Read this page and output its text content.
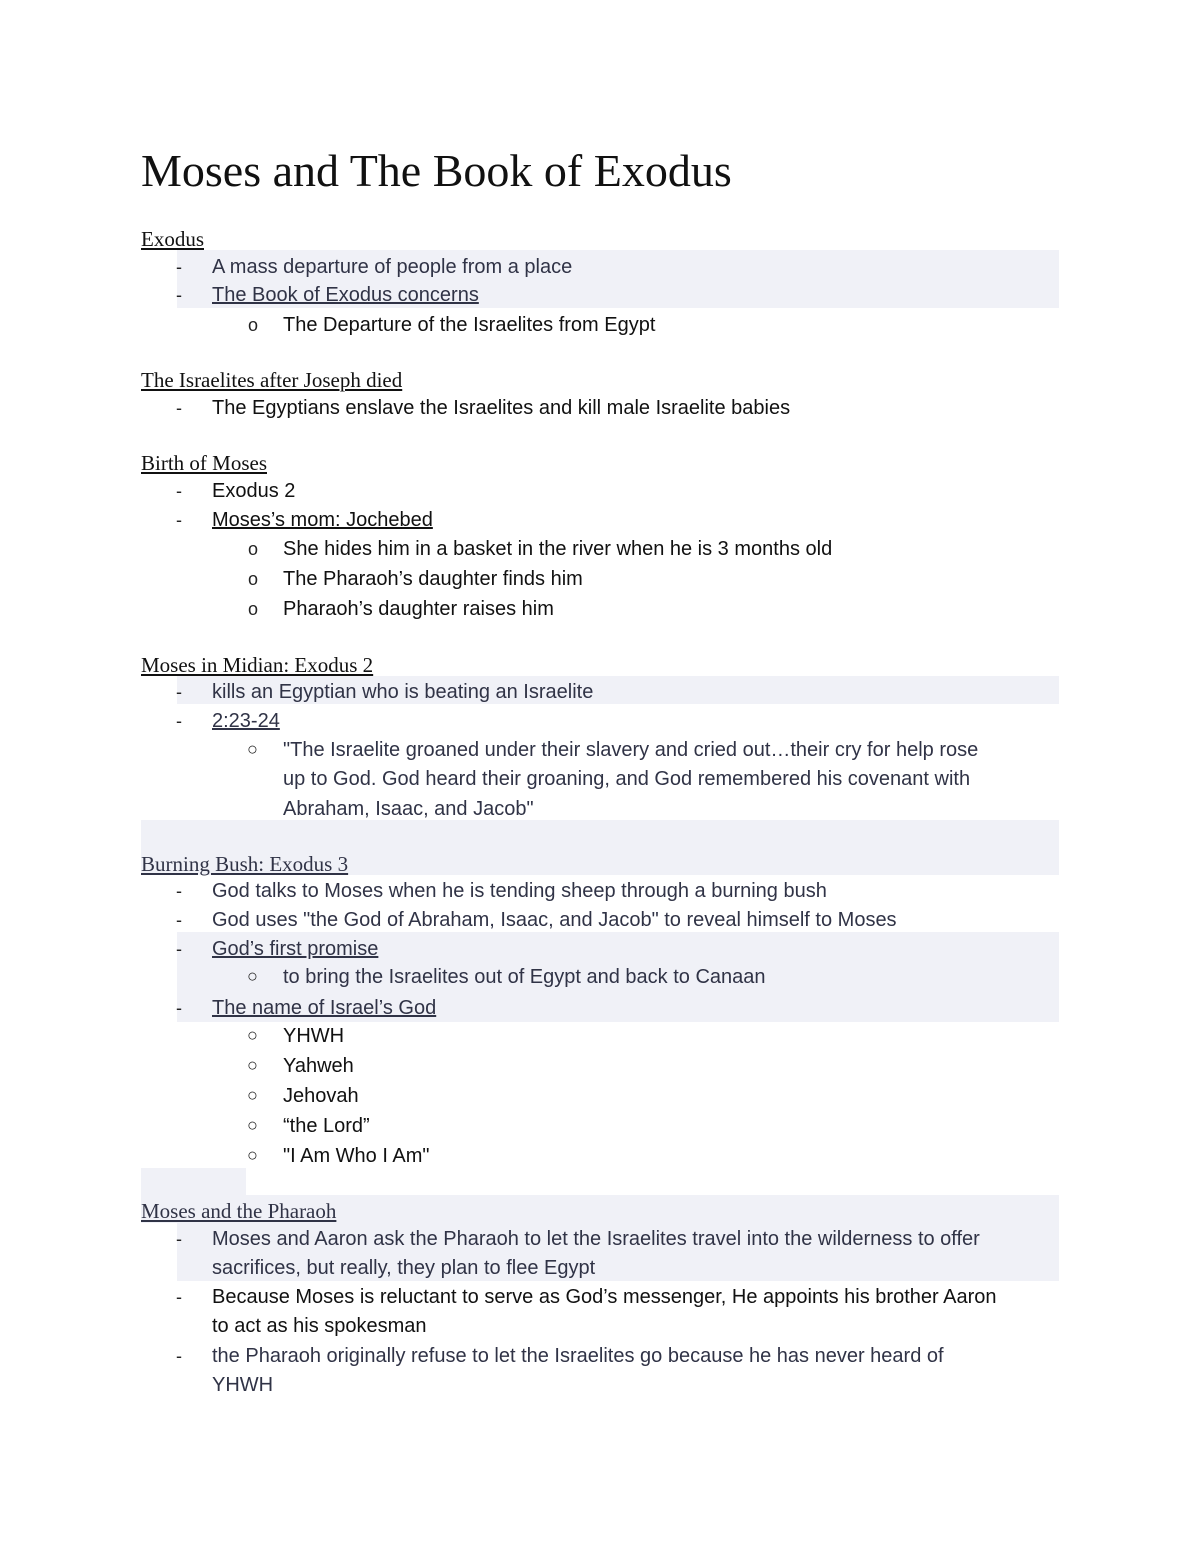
Moses and The Book of Exodus
Exodus
- A mass departure of people from a place
- The Book of Exodus concerns
o The Departure of the Israelites from Egypt
The Israelites after Joseph died
- The Egyptians enslave the Israelites and kill male Israelite babies
Birth of Moses
- Exodus 2
- Moses’s mom: Jochebed
o She hides him in a basket in the river when he is 3 months old
o The Pharaoh’s daughter finds him
o Pharaoh’s daughter raises him
Moses in Midian: Exodus 2
- kills an Egyptian who is beating an Israelite
- 2:23-24
○ "The Israelite groaned under their slavery and cried out…their cry for help rose
up to God. God heard their groaning, and God remembered his covenant with
Abraham, Isaac, and Jacob"
Burning Bush: Exodus 3
- God talks to Moses when he is tending sheep through a burning bush
- God uses "the God of Abraham, Isaac, and Jacob" to reveal himself to Moses
- God’s first promise
○ to bring the Israelites out of Egypt and back to Canaan
- The name of Israel’s God
○ YHWH
○ Yahweh
○ Jehovah
○ “the Lord”
○ "I Am Who I Am"
Moses and the Pharaoh
- Moses and Aaron ask the Pharaoh to let the Israelites travel into the wilderness to offer
sacrifices, but really, they plan to flee Egypt
- Because Moses is reluctant to serve as God’s messenger, He appoints his brother Aaron
to act as his spokesman
- the Pharaoh originally refuse to let the Israelites go because he has never heard of
YHWH
